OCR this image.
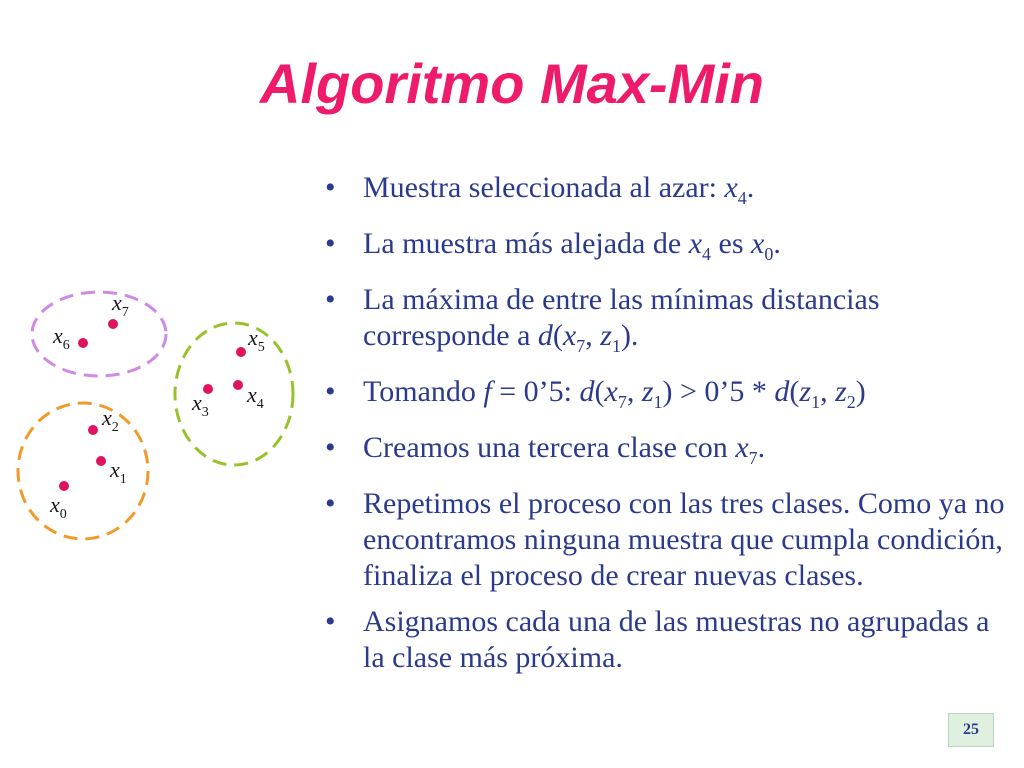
Algoritmo Max-Min
$x_0$
$x_1$
$x_2$
$x_3$
$x_4$
$x_5$
$x_6$
$x_7$
• Muestra seleccionada al azar: $x_4$.
• La muestra más alejada de $x_4$ es $x_0$.
• La máxima de entre las mínimas distancias corresponde a $d(x_7$, $z_1$).
• Tomando f = 0’5: $d(x_7$, $z_1$) > 0’5 * $d(z_1$, $z_2$)
• Creamos una tercera clase con $x_7$.
• Repetimos el proceso con las tres clases. Como ya no encontramos ninguna muestra que cumpla condición, finaliza el proceso de crear nuevas clases.
• Asignamos cada una de las muestras no agrupadas a la clase más próxima.
25
